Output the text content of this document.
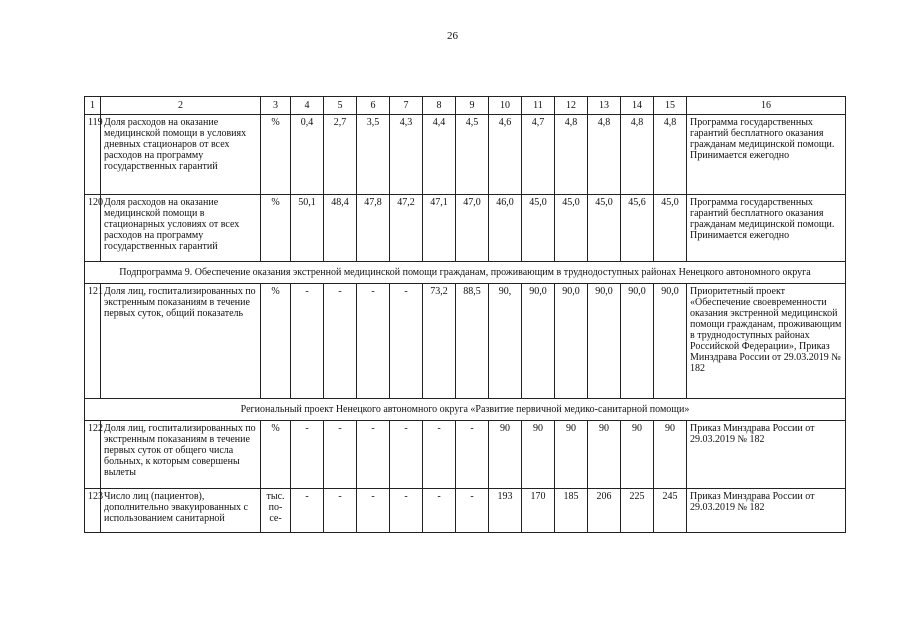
26
1	2	3	4	5	6	7	8	9	10	11	12	13	14	15	16
119	Доля расходов на оказание медицинской помощи в условиях дневных стационаров от всех расходов на программу государственных гарантий	%	0,4	2,7	3,5	4,3	4,4	4,5	4,6	4,7	4,8	4,8	4,8	4,8	Программа государственных гарантий бесплатного оказания гражданам медицинской помощи. Принимается ежегодно
120	Доля расходов на оказание медицинской помощи в стационарных условиях от всех расходов на программу государственных гарантий	%	50,1	48,4	47,8	47,2	47,1	47,0	46,0	45,0	45,0	45,0	45,6	45,0	Программа государственных гарантий бесплатного оказания гражданам медицинской помощи. Принимается ежегодно
Подпрограмма 9. Обеспечение оказания экстренной медицинской помощи гражданам, проживающим в труднодоступных районах Ненецкого автономного округа															
121	Доля лиц, госпитализированных по экстренным показаниям в течение первых суток, общий показатель	%	-	-	-	-	73,2	88,5	90,	90,0	90,0	90,0	90,0	90,0	Приоритетный проект «Обеспечение своевременности оказания экстренной медицинской помощи гражданам, проживающим в труднодоступных районах Российской Федерации», Приказ Минздрава России от 29.03.2019 № 182
Региональный проект Ненецкого автономного округа «Развитие первичной медико-санитарной помощи»															
122	Доля лиц, госпитализированных по экстренным показаниям в течение первых суток от общего числа больных, к которым совершены вылеты	%	-	-	-	-	-	-	90	90	90	90	90	90	Приказ Минздрава России от 29.03.2019 № 182
123	Число лиц (пациентов), дополнительно эвакуированных с использованием санитарной	тыс. по- се-	-	-	-	-	-	-	193	170	185	206	225	245	Приказ Минздрава России от 29.03.2019 № 182
